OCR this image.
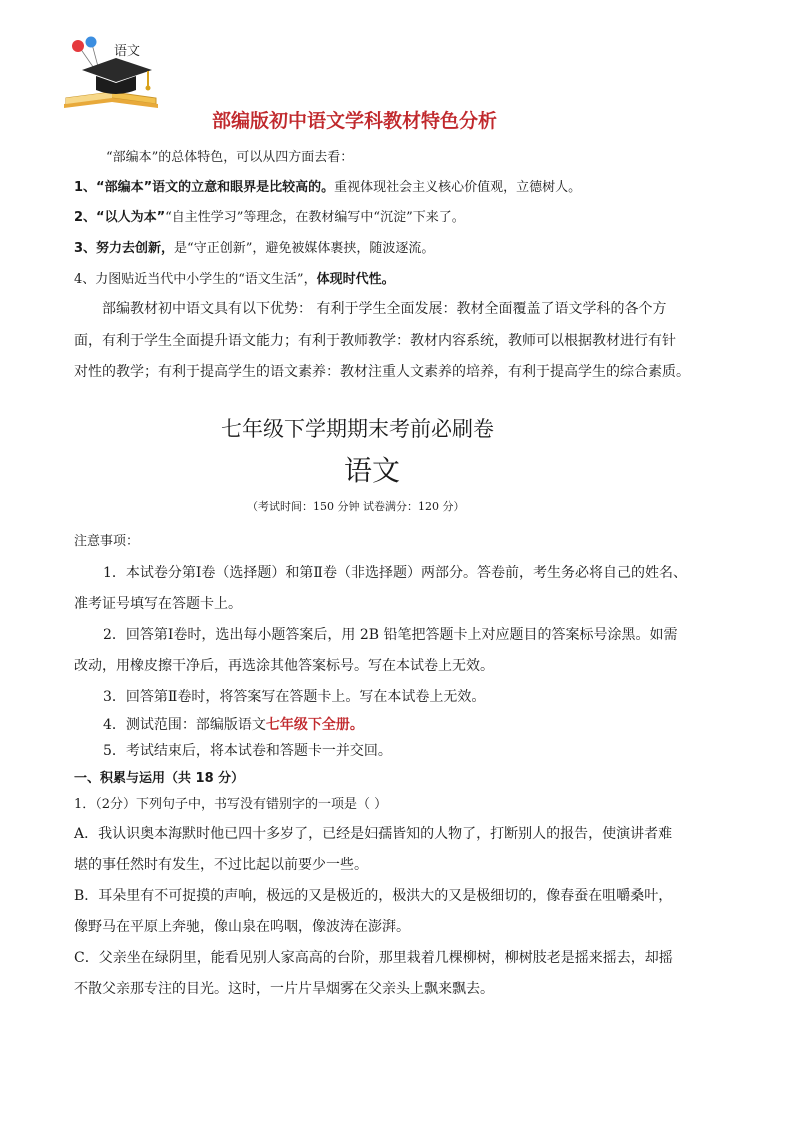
语文
部编版初中语文学科教材特色分析
“部编本”的总体特色，可以从四方面去看：
1、“部编本”语文的立意和眼界是比较高的。重视体现社会主义核心价值观，立德树人。
2、“以人为本”“自主性学习”等理念，在教材编写中“沉淀”下来了。
3、努力去创新，是“守正创新”，避免被媒体裹挟，随波逐流。
4、力图贴近当代中小学生的“语文生活”，体现时代性。
部编教材初中语文具有以下优势： 有利于学生全面发展：教材全面覆盖了语文学科的各个方
面，有利于学生全面提升语文能力；有利于教师教学：教材内容系统，教师可以根据教材进行有针
对性的教学；有利于提高学生的语文素养：教材注重人文素养的培养，有利于提高学生的综合素质。
七年级下学期期末考前必刷卷
语文
（考试时间：150 分钟 试卷满分：120 分）
注意事项：
1．本试卷分第Ⅰ卷（选择题）和第Ⅱ卷（非选择题）两部分。答卷前，考生务必将自己的姓名、
准考证号填写在答题卡上。
2．回答第Ⅰ卷时，选出每小题答案后，用 2B 铅笔把答题卡上对应题目的答案标号涂黑。如需
改动，用橡皮擦干净后，再选涂其他答案标号。写在本试卷上无效。
3．回答第Ⅱ卷时，将答案写在答题卡上。写在本试卷上无效。
4．测试范围：部编版语文七年级下全册。
5．考试结束后，将本试卷和答题卡一并交回。
一、积累与运用（共 18 分）
1．（2分）下列句子中，书写没有错别字的一项是（ ）
A．我认识奥本海默时他已四十多岁了，已经是妇孺皆知的人物了，打断别人的报告，使演讲者难
堪的事任然时有发生，不过比起以前要少一些。
B．耳朵里有不可捉摸的声响，极远的又是极近的，极洪大的又是极细切的，像春蚕在咀嚼桑叶，
像野马在平原上奔驰，像山泉在呜咽，像波涛在澎湃。
C．父亲坐在绿阴里，能看见别人家高高的台阶，那里栽着几棵柳树，柳树肢老是摇来摇去，却摇
不散父亲那专注的目光。这时，一片片旱烟雾在父亲头上飘来飘去。
